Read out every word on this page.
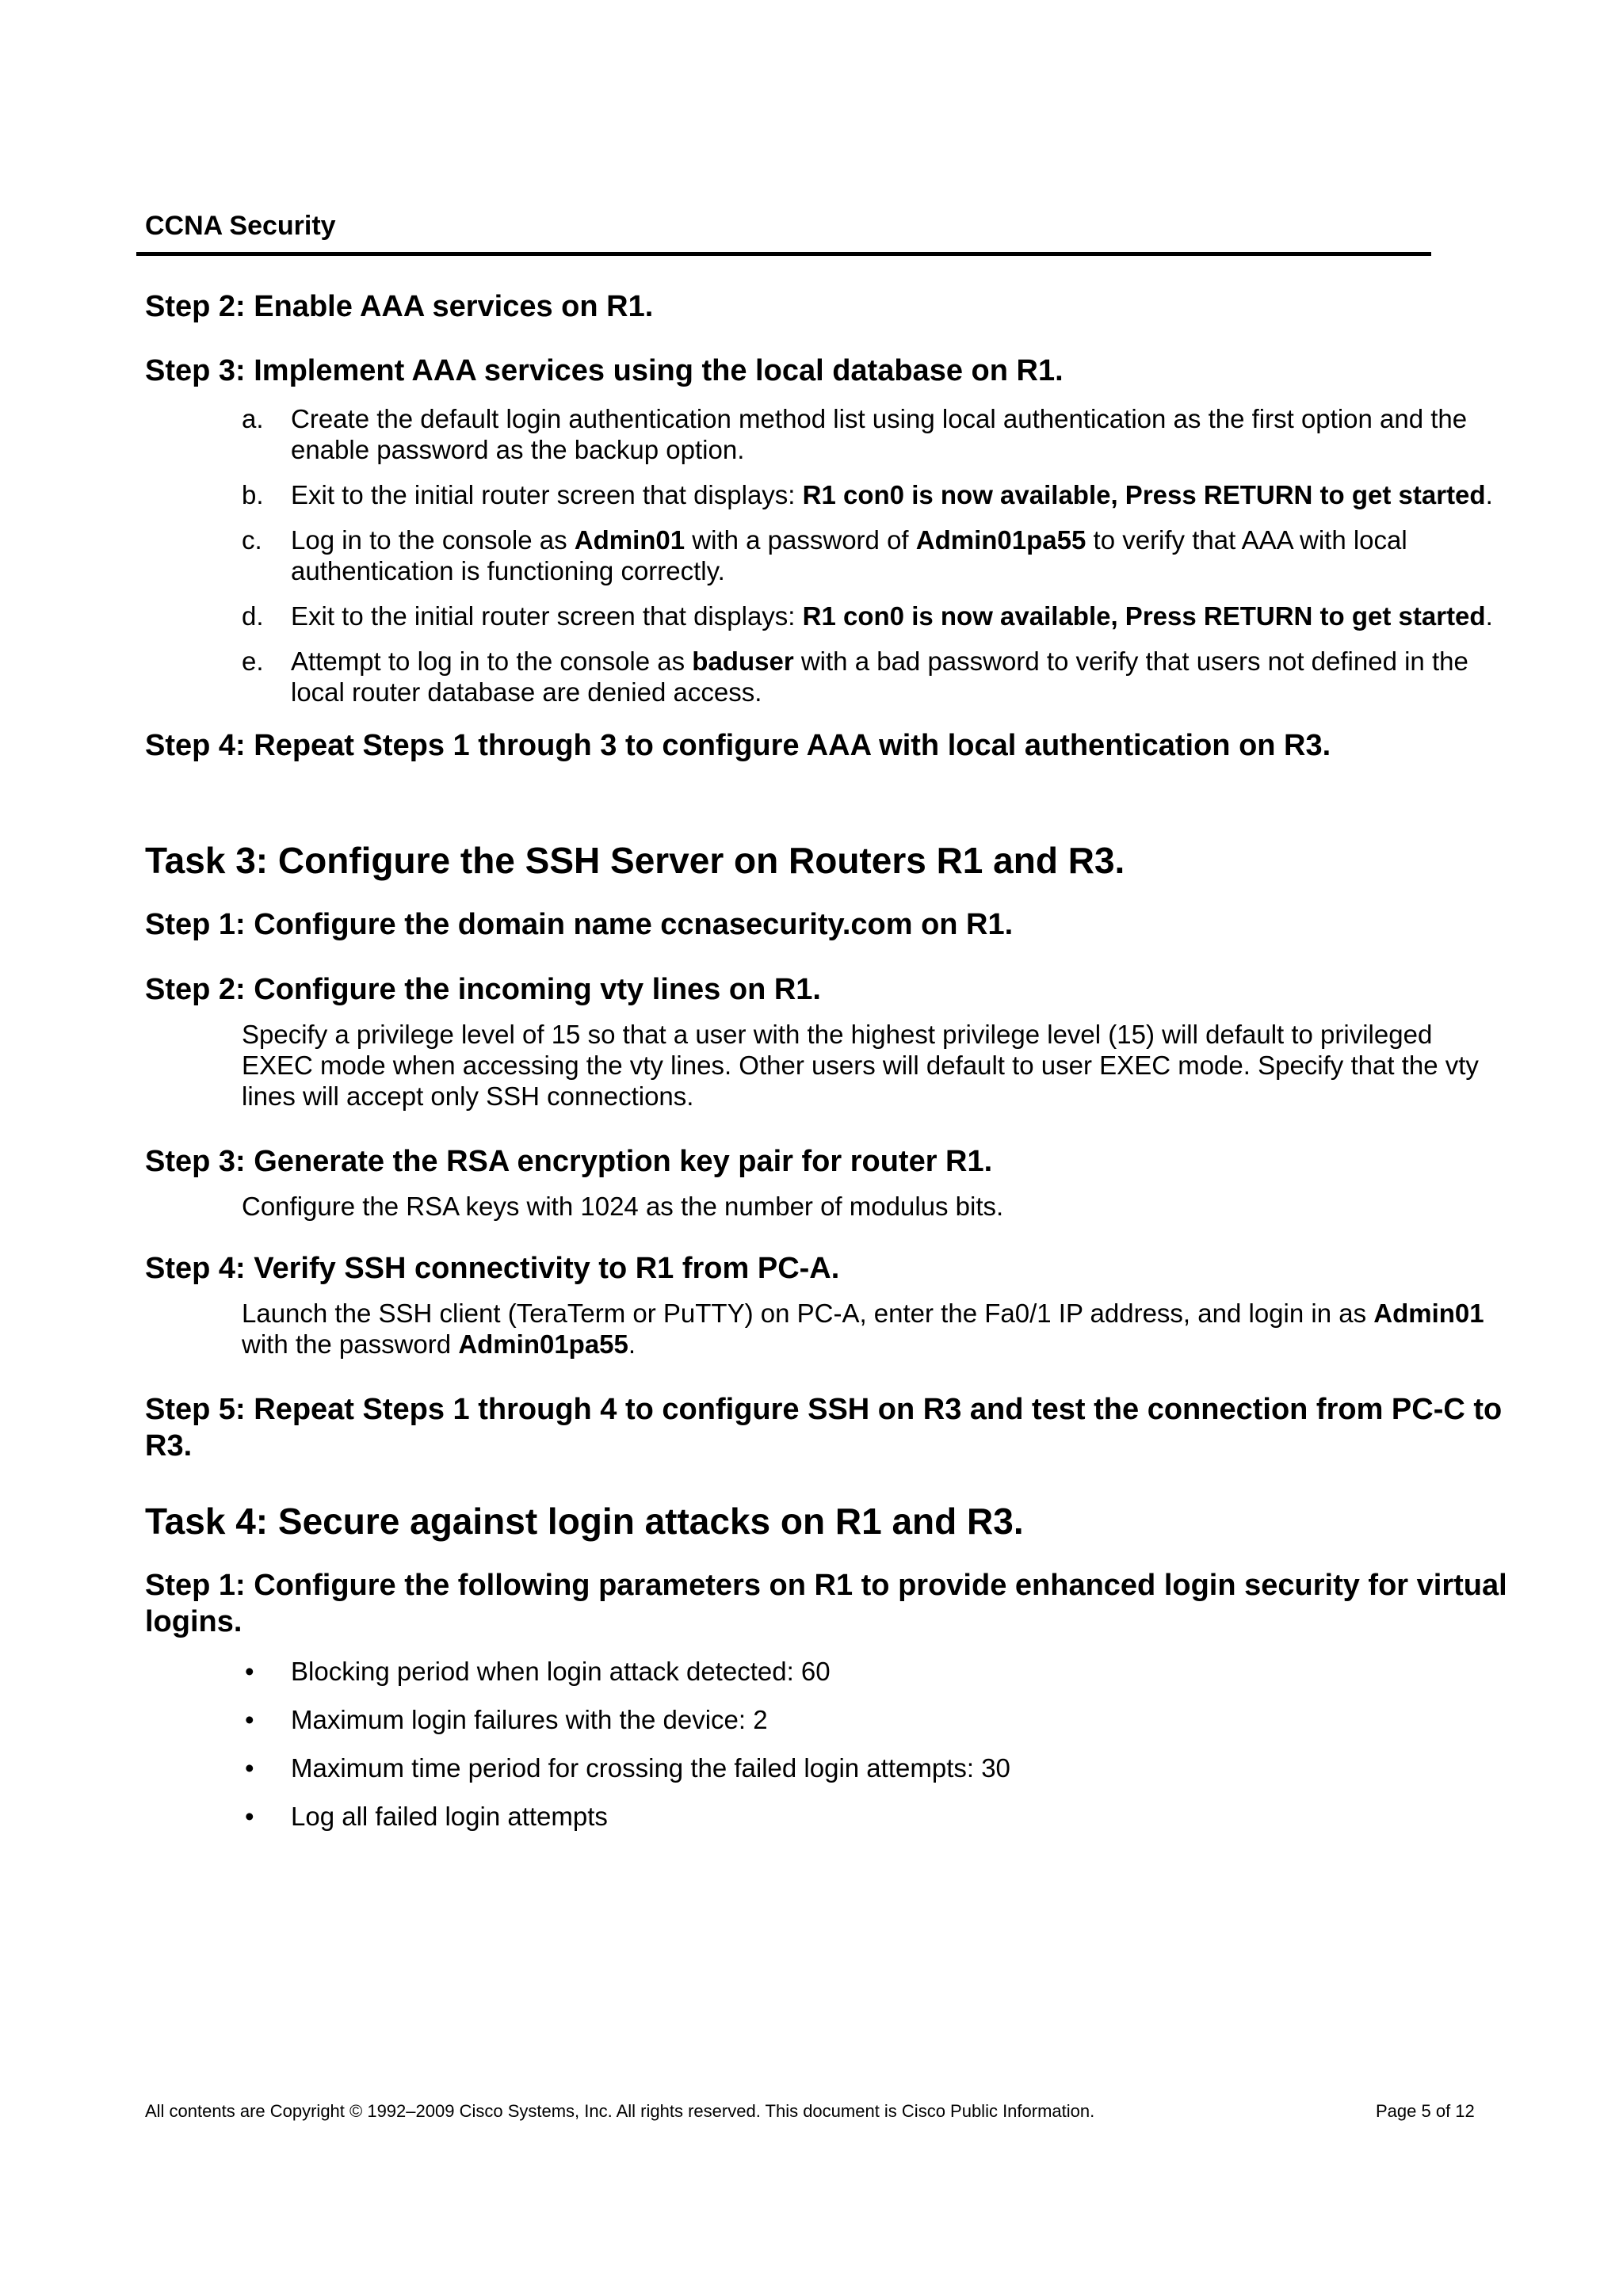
CCNA Security
Step 2: Enable AAA services on R1.
Step 3: Implement AAA services using the local database on R1.
a. Create the default login authentication method list using local authentication as the first option and the enable password as the backup option.
b. Exit to the initial router screen that displays: R1 con0 is now available, Press RETURN to get started.
c. Log in to the console as Admin01 with a password of Admin01pa55 to verify that AAA with local authentication is functioning correctly.
d. Exit to the initial router screen that displays: R1 con0 is now available, Press RETURN to get started.
e. Attempt to log in to the console as baduser with a bad password to verify that users not defined in the local router database are denied access.
Step 4: Repeat Steps 1 through 3 to configure AAA with local authentication on R3.
Task 3: Configure the SSH Server on Routers R1 and R3.
Step 1: Configure the domain name ccnasecurity.com on R1.
Step 2: Configure the incoming vty lines on R1.

Specify a privilege level of 15 so that a user with the highest privilege level (15) will default to privileged EXEC mode when accessing the vty lines. Other users will default to user EXEC mode. Specify that the vty lines will accept only SSH connections.

Step 3: Generate the RSA encryption key pair for router R1.

Configure the RSA keys with 1024 as the number of modulus bits.

Step 4: Verify SSH connectivity to R1 from PC-A.

Launch the SSH client (TeraTerm or PuTTY) on PC-A, enter the Fa0/1 IP address, and login in as Admin01 with the password Admin01pa55.

Step 5: Repeat Steps 1 through 4 to configure SSH on R3 and test the connection from PC-C to R3.
Task 4: Secure against login attacks on R1 and R3.
Step 1: Configure the following parameters on R1 to provide enhanced login security for virtual logins.
• Blocking period when login attack detected: 60
• Maximum login failures with the device: 2
• Maximum time period for crossing the failed login attempts: 30
• Log all failed login attempts
All contents are Copyright © 1992–2009 Cisco Systems, Inc. All rights reserved. This document is Cisco Public Information.	Page 5 of 12
